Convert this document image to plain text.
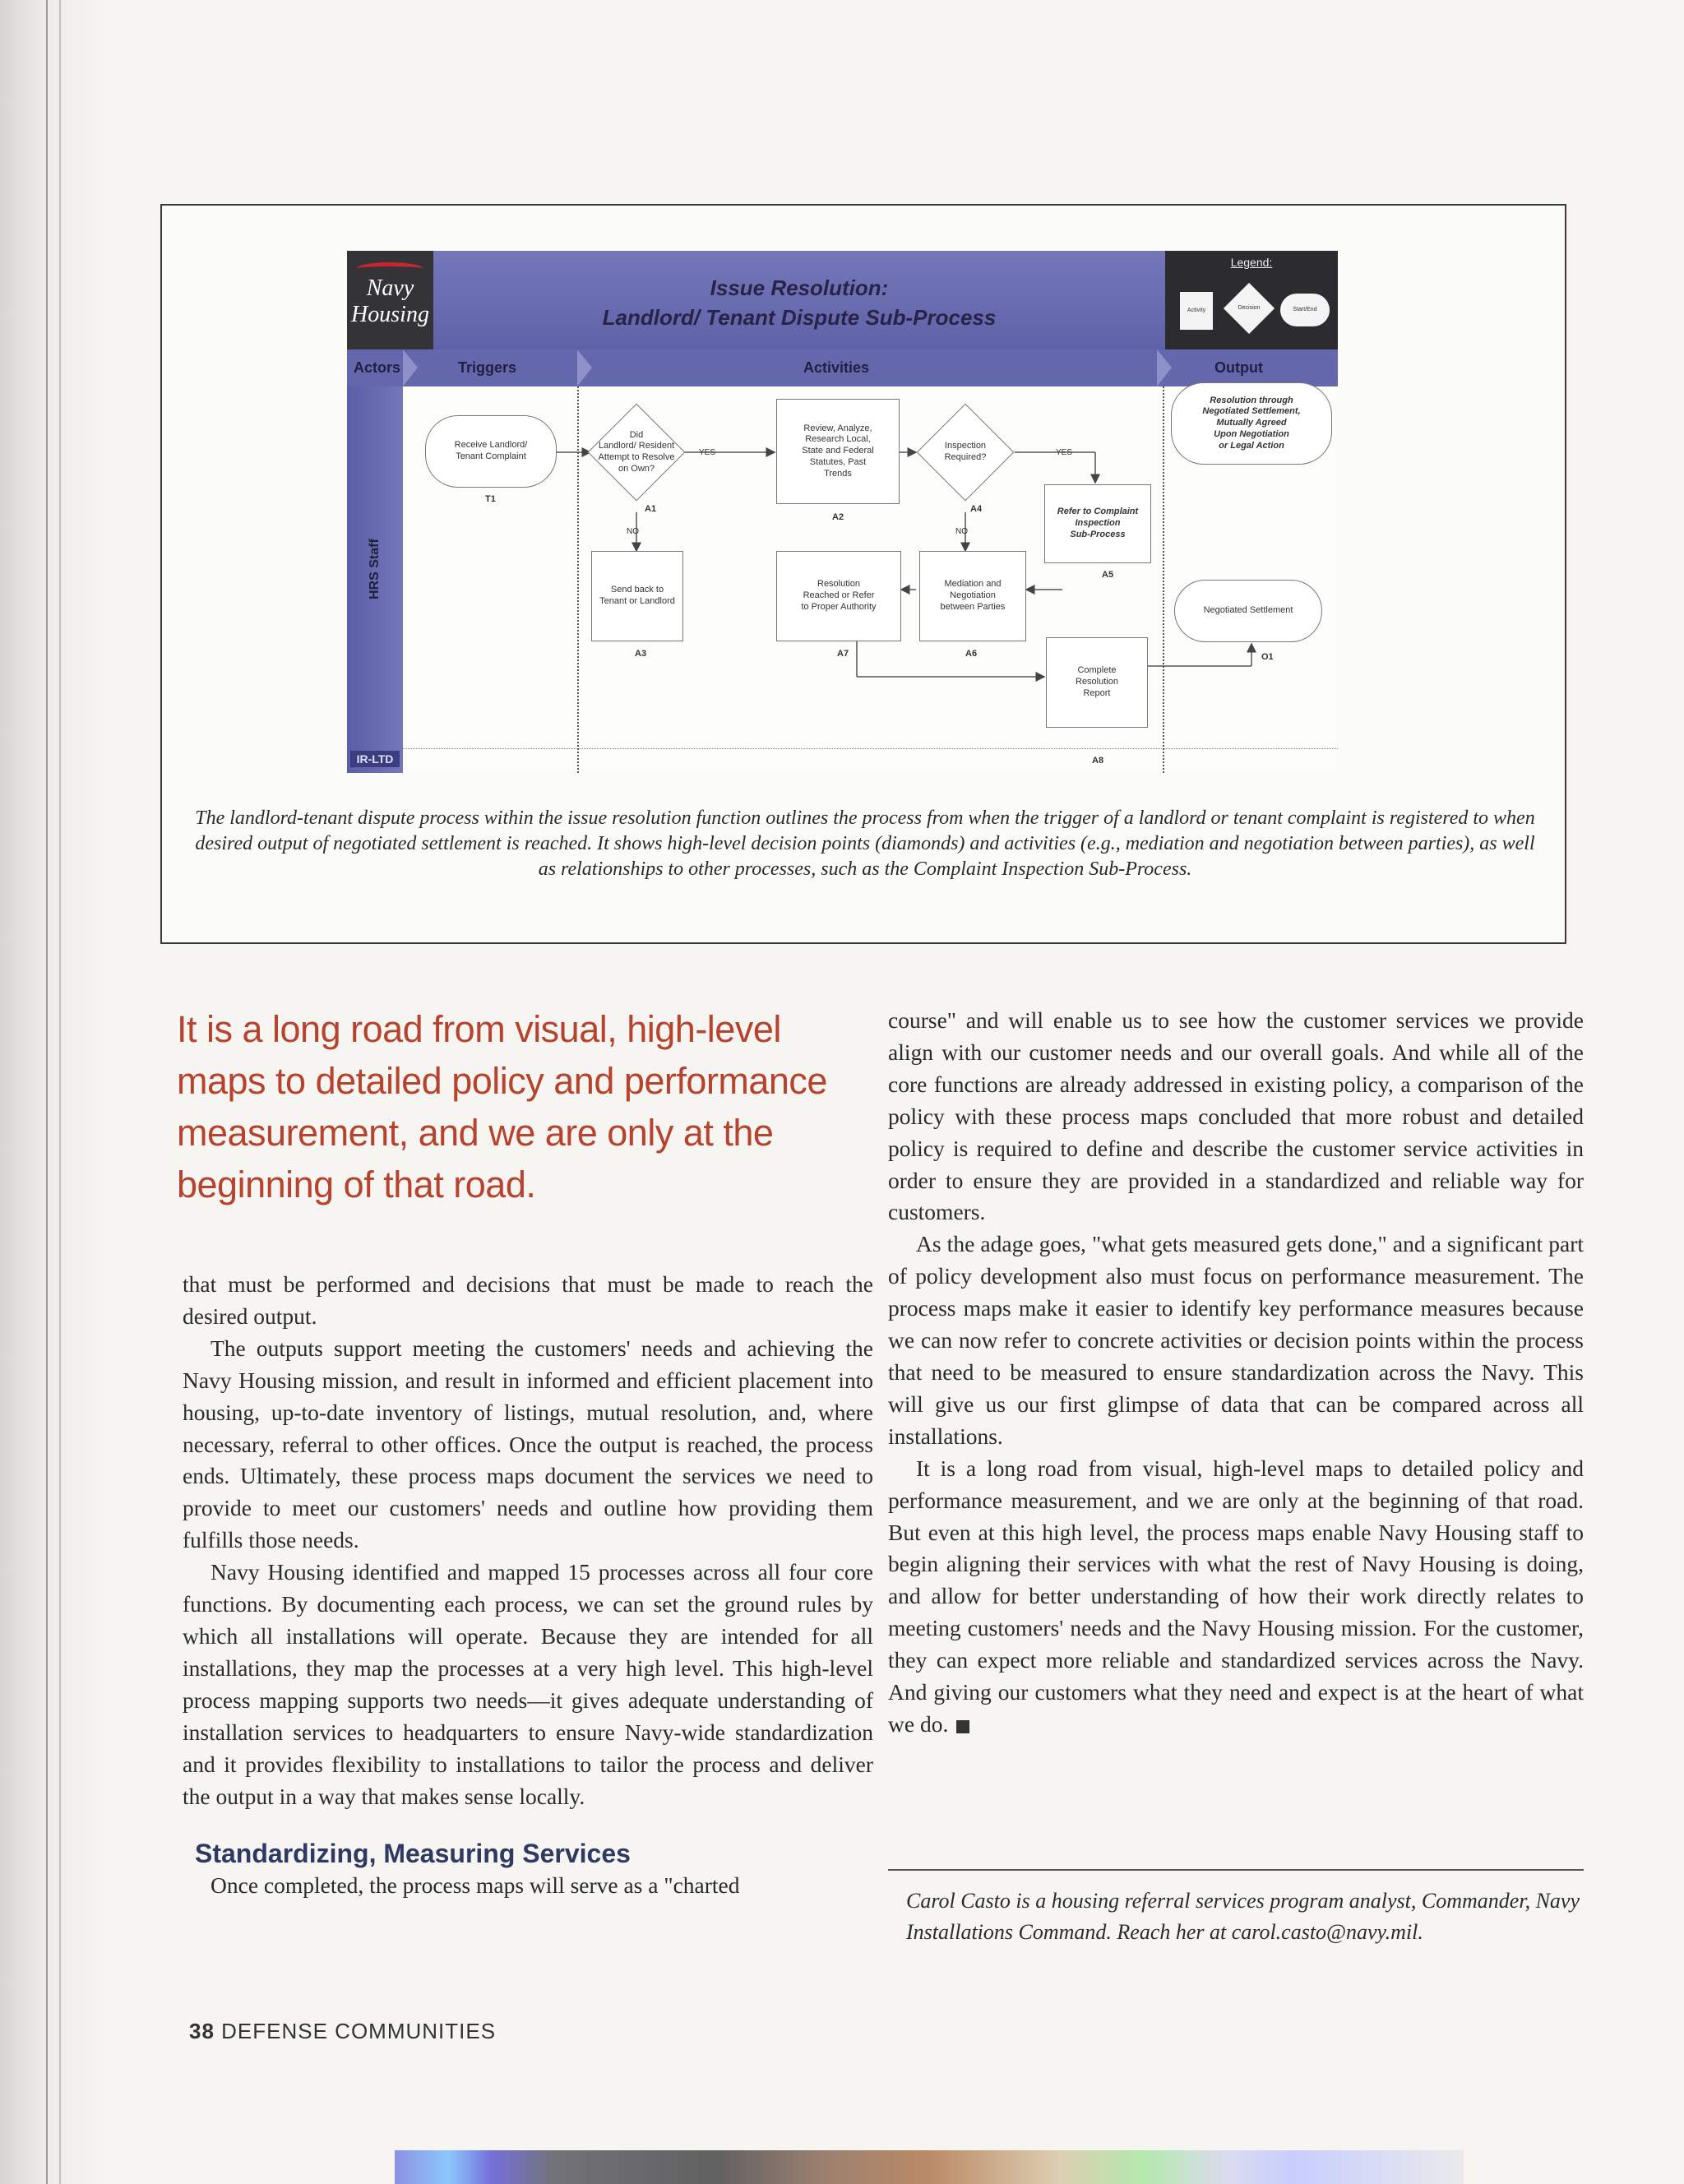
Navy
Housing
Issue Resolution:
Landlord/ Tenant Dispute Sub-Process
Legend:
Activity	Decision	Start/End
Actors	Triggers	Activities	Output
HRS Staff
IR-LTD
Receive Landlord/
Tenant Complaint
T1
Did
Landlord/ Resident
Attempt to Resolve
on Own?
A1
NO
YES
Review, Analyze,
Research Local,
State and Federal
Statutes, Past
Trends
A2
Inspection
Required?
A4
NO
YES
Refer to Complaint
Inspection
Sub-Process
A5
Send back to
Tenant or Landlord
A3
Resolution
Reached or Refer
to Proper Authority
A7
Mediation and
Negotiation
between Parties
A6
Complete
Resolution
Report
A8
Resolution through
Negotiated Settlement,
Mutually Agreed
Upon Negotiation
or Legal Action
Negotiated Settlement
O1
The landlord-tenant dispute process within the issue resolution function outlines the process from when the trigger of a landlord or tenant complaint is registered to when desired output of negotiated settlement is reached. It shows high-level decision points (diamonds) and activities (e.g., mediation and negotiation between parties), as well as relationships to other processes, such as the Complaint Inspection Sub-Process.
It is a long road from visual, high-level maps to detailed policy and performance measurement, and we are only at the beginning of that road.

that must be performed and decisions that must be made to reach the desired output.

The outputs support meeting the customers' needs and achieving the Navy Housing mission, and result in informed and efficient placement into housing, up-to-date inventory of listings, mutual resolution, and, where necessary, referral to other offices. Once the output is reached, the process ends. Ultimately, these process maps document the services we need to provide to meet our customers' needs and outline how providing them fulfills those needs.

Navy Housing identified and mapped 15 processes across all four core functions. By documenting each process, we can set the ground rules by which all installations will operate. Because they are intended for all installations, they map the processes at a very high level. This high-level process mapping supports two needs—it gives adequate understanding of installation services to headquarters to ensure Navy-wide standardization and it provides flexibility to installations to tailor the process and deliver the output in a way that makes sense locally.

Standardizing, Measuring Services

Once completed, the process maps will serve as a "charted

course" and will enable us to see how the customer services we provide align with our customer needs and our overall goals. And while all of the core functions are already addressed in existing policy, a comparison of the policy with these process maps concluded that more robust and detailed policy is required to define and describe the customer service activities in order to ensure they are provided in a standardized and reliable way for customers.

As the adage goes, "what gets measured gets done," and a significant part of policy development also must focus on performance measurement. The process maps make it easier to identify key performance measures because we can now refer to concrete activities or decision points within the process that need to be measured to ensure standardization across the Navy. This will give us our first glimpse of data that can be compared across all installations.

It is a long road from visual, high-level maps to detailed policy and performance measurement, and we are only at the beginning of that road. But even at this high level, the process maps enable Navy Housing staff to begin aligning their services with what the rest of Navy Housing is doing, and allow for better understanding of how their work directly relates to meeting customers' needs and the Navy Housing mission. For the customer, they can expect more reliable and standardized services across the Navy. And giving our customers what they need and expect is at the heart of what we do.

Carol Casto is a housing referral services program analyst, Commander, Navy Installations Command. Reach her at carol.casto@navy.mil.
38 DEFENSE COMMUNITIES
